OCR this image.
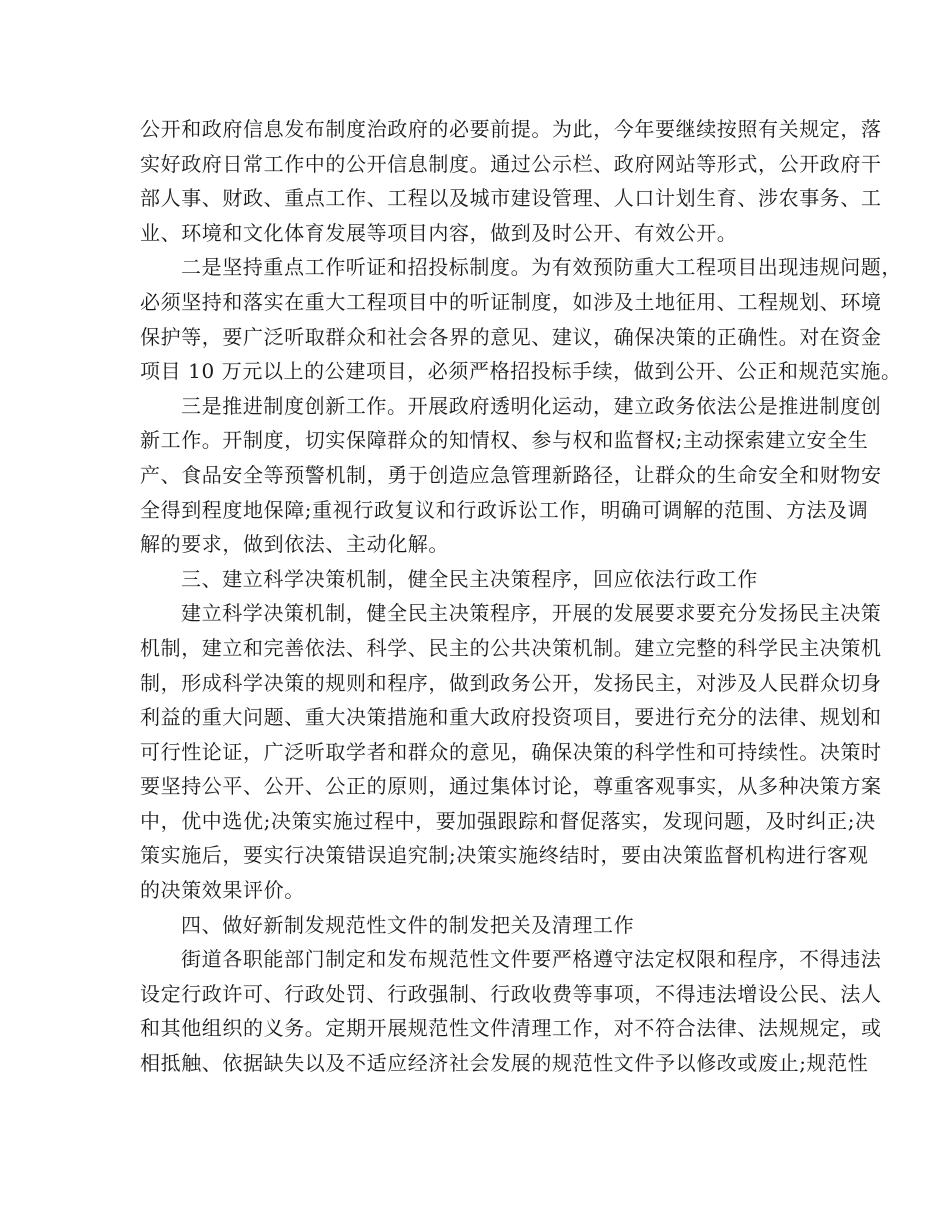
公开和政府信息发布制度治政府的必要前提。为此，今年要继续按照有关规定，落
实好政府日常工作中的公开信息制度。通过公示栏、政府网站等形式，公开政府干
部人事、财政、重点工作、工程以及城市建设管理、人口计划生育、涉农事务、工
业、环境和文化体育发展等项目内容，做到及时公开、有效公开。
二是坚持重点工作听证和招投标制度。为有效预防重大工程项目出现违规问题，
必须坚持和落实在重大工程项目中的听证制度，如涉及土地征用、工程规划、环境
保护等，要广泛听取群众和社会各界的意见、建议，确保决策的正确性。对在资金
项目 10 万元以上的公建项目，必须严格招投标手续，做到公开、公正和规范实施。
三是推进制度创新工作。开展政府透明化运动，建立政务依法公是推进制度创
新工作。开制度，切实保障群众的知情权、参与权和监督权;主动探索建立安全生
产、食品安全等预警机制，勇于创造应急管理新路径，让群众的生命安全和财物安
全得到程度地保障;重视行政复议和行政诉讼工作，明确可调解的范围、方法及调
解的要求，做到依法、主动化解。
三、建立科学决策机制，健全民主决策程序，回应依法行政工作
建立科学决策机制，健全民主决策程序，开展的发展要求要充分发扬民主决策
机制，建立和完善依法、科学、民主的公共决策机制。建立完整的科学民主决策机
制，形成科学决策的规则和程序，做到政务公开，发扬民主，对涉及人民群众切身
利益的重大问题、重大决策措施和重大政府投资项目，要进行充分的法律、规划和
可行性论证，广泛听取学者和群众的意见，确保决策的科学性和可持续性。决策时
要坚持公平、公开、公正的原则，通过集体讨论，尊重客观事实，从多种决策方案
中，优中选优;决策实施过程中，要加强跟踪和督促落实，发现问题，及时纠正;决
策实施后，要实行决策错误追究制;决策实施终结时，要由决策监督机构进行客观
的决策效果评价。
四、做好新制发规范性文件的制发把关及清理工作
街道各职能部门制定和发布规范性文件要严格遵守法定权限和程序，不得违法
设定行政许可、行政处罚、行政强制、行政收费等事项，不得违法增设公民、法人
和其他组织的义务。定期开展规范性文件清理工作，对不符合法律、法规规定，或
相抵触、依据缺失以及不适应经济社会发展的规范性文件予以修改或废止;规范性
